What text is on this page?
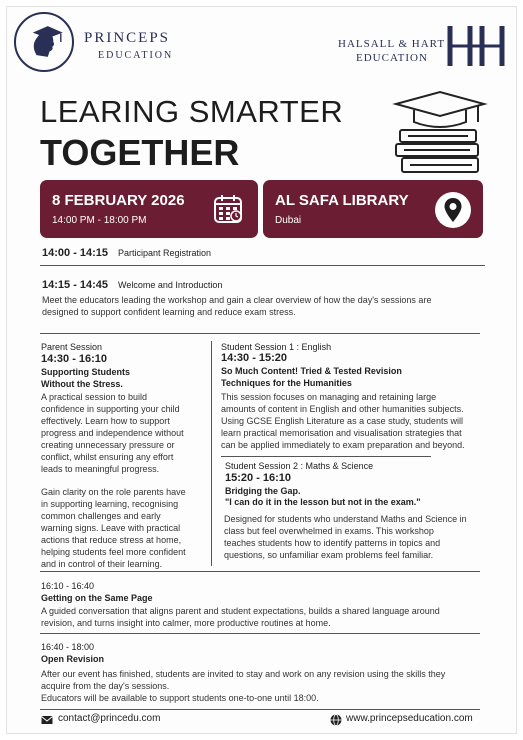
PRINCEPS
EDUCATION
HALSALL & HART
EDUCATION
LEARING SMARTER
TOGETHER
8 FEBRUARY 2026
14:00 PM - 18:00 PM
AL SAFA LIBRARY
Dubai
14:00 - 14:15 Participant Registration
14:15 - 14:45 Welcome and Introduction
Meet the educators leading the workshop and gain a clear overview of how the day's sessions are
designed to support confident learning and reduce exam stress.
Parent Session
14:30 - 16:10
Supporting Students
Without the Stress.
A practical session to build
confidence in supporting your child
effectively. Learn how to support
progress and independence without
creating unnecessary pressure or
conflict, whilst ensuring any effort
leads to meaningful progress.
Gain clarity on the role parents have
in supporting learning, recognising
common challenges and early
warning signs. Leave with practical
actions that reduce stress at home,
helping students feel more confident
and in control of their learning.
Student Session 1 : English
14:30 - 15:20
So Much Content! Tried & Tested Revision
Techniques for the Humanities
This session focuses on managing and retaining large
amounts of content in English and other humanities subjects.
Using GCSE English Literature as a case study, students will
learn practical memorisation and visualisation strategies that
can be applied immediately to exam preparation and beyond.
Student Session 2 : Maths & Science
15:20 - 16:10
Bridging the Gap.
"I can do it in the lesson but not in the exam."
Designed for students who understand Maths and Science in
class but feel overwhelmed in exams. This workshop
teaches students how to identify patterns in topics and
questions, so unfamiliar exam problems feel familiar.
16:10 - 16:40
Getting on the Same Page
A guided conversation that aligns parent and student expectations, builds a shared language around
revision, and turns insight into calmer, more productive routines at home.
16:40 - 18:00
Open Revision
After our event has finished, students are invited to stay and work on any revision using the skills they
acquire from the day's sessions.
Educators will be available to support students one-to-one until 18:00.
contact@princedu.com	www.princepseducation.com
